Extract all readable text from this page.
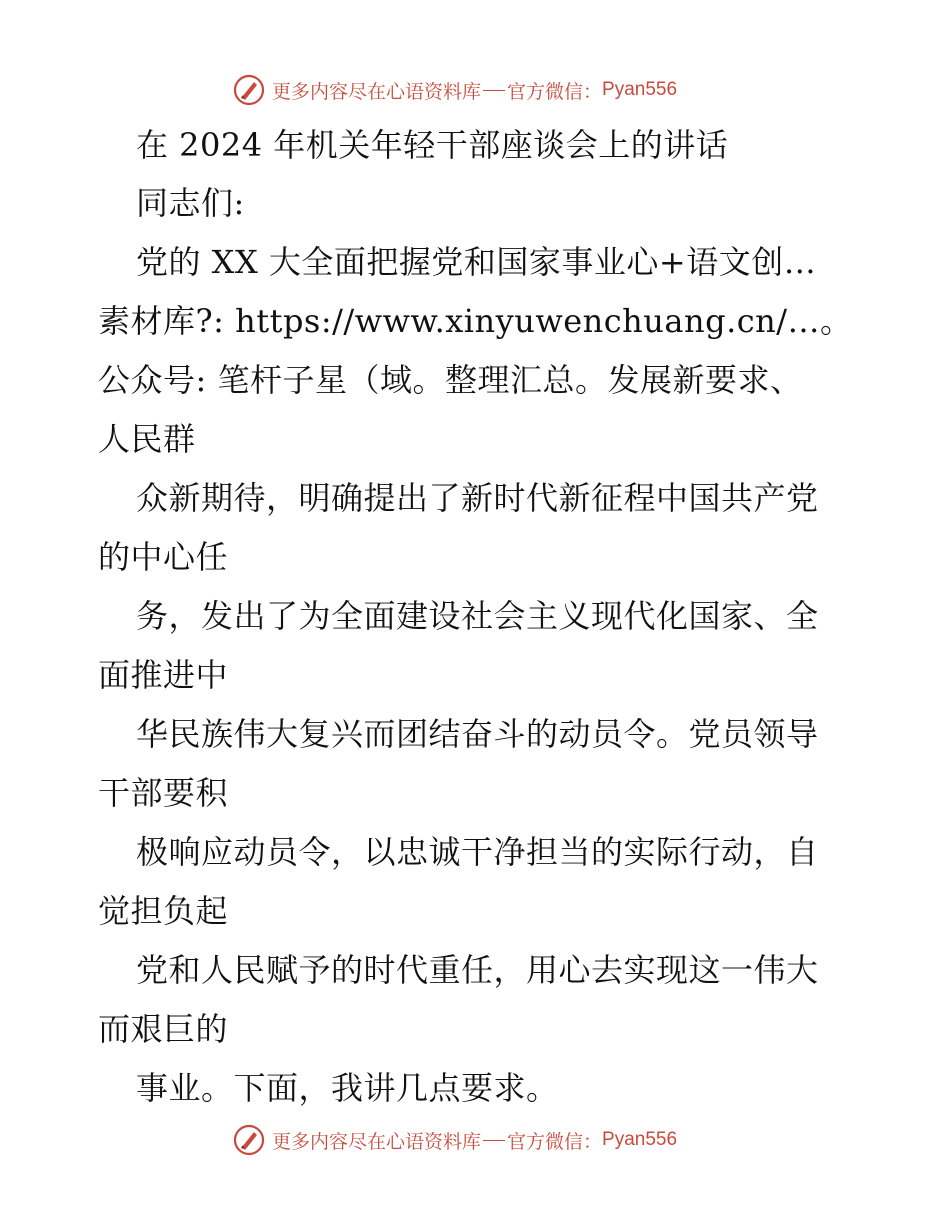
更多内容尽在心语资料库 官方微信： Pyan556
在 2024 年机关年轻干部座谈会上的讲话
同志们:
党的 XX 大全面把握党和国家事业心+语文创…
素材库?: https://www.xinyuwenchuang.cn/…。
公众号: 笔杆子星（域。整理汇总。发展新要求、
人民群
众新期待，明确提出了新时代新征程中国共产党
的中心任
务，发出了为全面建设社会主义现代化国家、全
面推进中
华民族伟大复兴而团结奋斗的动员令。党员领导
干部要积
极响应动员令，以忠诚干净担当的实际行动，自
觉担负起
党和人民赋予的时代重任，用心去实现这一伟大
而艰巨的
事业。下面，我讲几点要求。
更多内容尽在心语资料库 官方微信： Pyan556
